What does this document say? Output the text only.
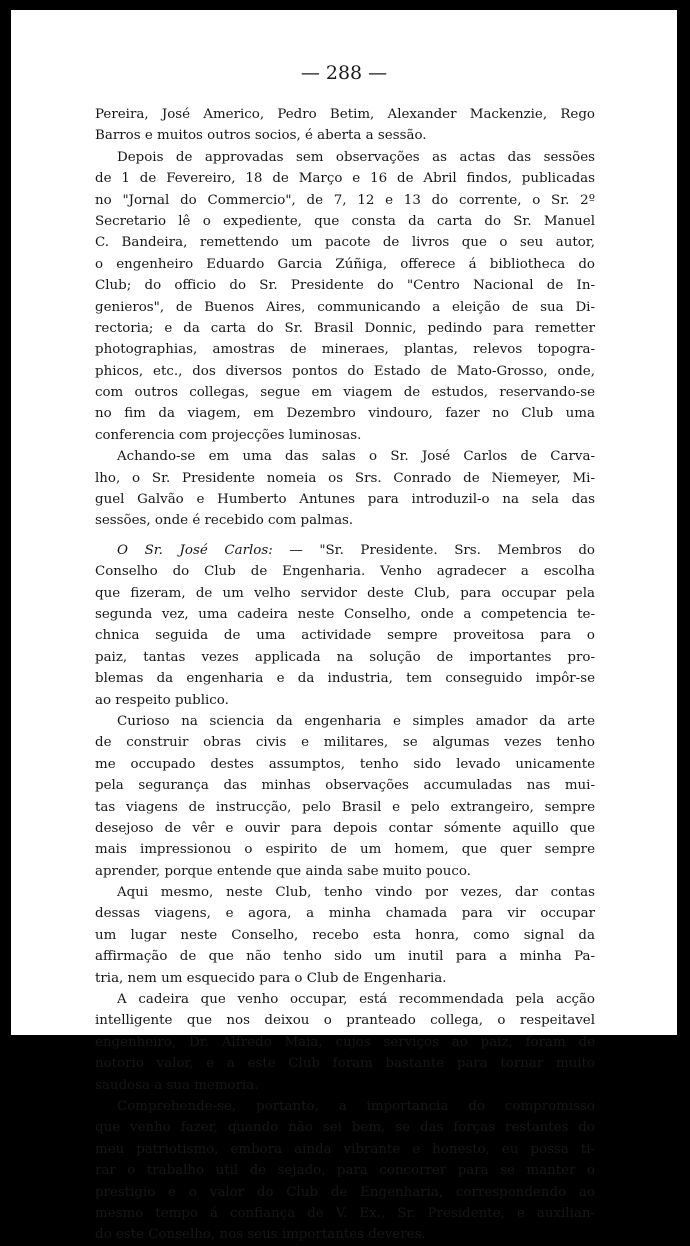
— 288 —

Pereira, José Americo, Pedro Betim, Alexander Mackenzie, Rego

Barros e muitos outros socios, é aberta a sessão.

Depois de approvadas sem observações as actas das sessões

de 1 de Fevereiro, 18 de Março e 16 de Abril findos, publicadas

no "Jornal do Commercio", de 7, 12 e 13 do corrente, o Sr. 2º

Secretario lê o expediente, que consta da carta do Sr. Manuel

C. Bandeira, remettendo um pacote de livros que o seu autor,

o engenheiro Eduardo Garcia Zúñiga, offerece á bibliotheca do

Club; do officio do Sr. Presidente do "Centro Nacional de In-

genieros", de Buenos Aires, communicando a eleição de sua Di-

rectoria; e da carta do Sr. Brasil Donnic, pedindo para remetter

photographias, amostras de mineraes, plantas, relevos topogra-

phicos, etc., dos diversos pontos do Estado de Mato-Grosso, onde,

com outros collegas, segue em viagem de estudos, reservando-se

no fim da viagem, em Dezembro vindouro, fazer no Club uma

conferencia com projecções luminosas.

Achando-se em uma das salas o Sr. José Carlos de Carva-

lho, o Sr. Presidente nomeia os Srs. Conrado de Niemeyer, Mi-

guel Galvão e Humberto Antunes para introduzil-o na sela das

sessões, onde é recebido com palmas.

O Sr. José Carlos: — "Sr. Presidente. Srs. Membros do

Conselho do Club de Engenharia. Venho agradecer a escolha

que fizeram, de um velho servidor deste Club, para occupar pela

segunda vez, uma cadeira neste Conselho, onde a competencia te-

chnica seguida de uma actividade sempre proveitosa para o

paiz, tantas vezes applicada na solução de importantes pro-

blemas da engenharia e da industria, tem conseguido impôr-se

ao respeito publico.

Curioso na sciencia da engenharia e simples amador da arte

de construir obras civis e militares, se algumas vezes tenho

me occupado destes assumptos, tenho sido levado unicamente

pela segurança das minhas observações accumuladas nas mui-

tas viagens de instrucção, pelo Brasil e pelo extrangeiro, sempre

desejoso de vêr e ouvir para depois contar sómente aquillo que

mais impressionou o espirito de um homem, que quer sempre

aprender, porque entende que ainda sabe muito pouco.

Aqui mesmo, neste Club, tenho vindo por vezes, dar contas

dessas viagens, e agora, a minha chamada para vir occupar

um lugar neste Conselho, recebo esta honra, como signal da

affirmação de que não tenho sido um inutil para a minha Pa-

tria, nem um esquecido para o Club de Engenharia.

A cadeira que venho occupar, está recommendada pela acção

intelligente que nos deixou o pranteado collega, o respeitavel

engenheiro, Dr. Alfredo Maia, cujos serviços ao paiz, foram de

notorio valor, e a este Club foram bastante para tornar muito

saudosa a sua memoria.

Comprehende-se, portanto, a importancia do compromisso

que venho fazer, quando não sei bem, se das forças restantes do

meu patriotismo, embora ainda vibrante e honesto, eu possa ti-

rar o trabalho util de sejado, para concorrer para se manter o

prestigio e o valor do Club de Engenharia, correspondendo ao

mesmo tempo á confiança de V. Ex., Sr. Presidente, e auxilian-

do este Conselho, nos seus importantes deveres.
